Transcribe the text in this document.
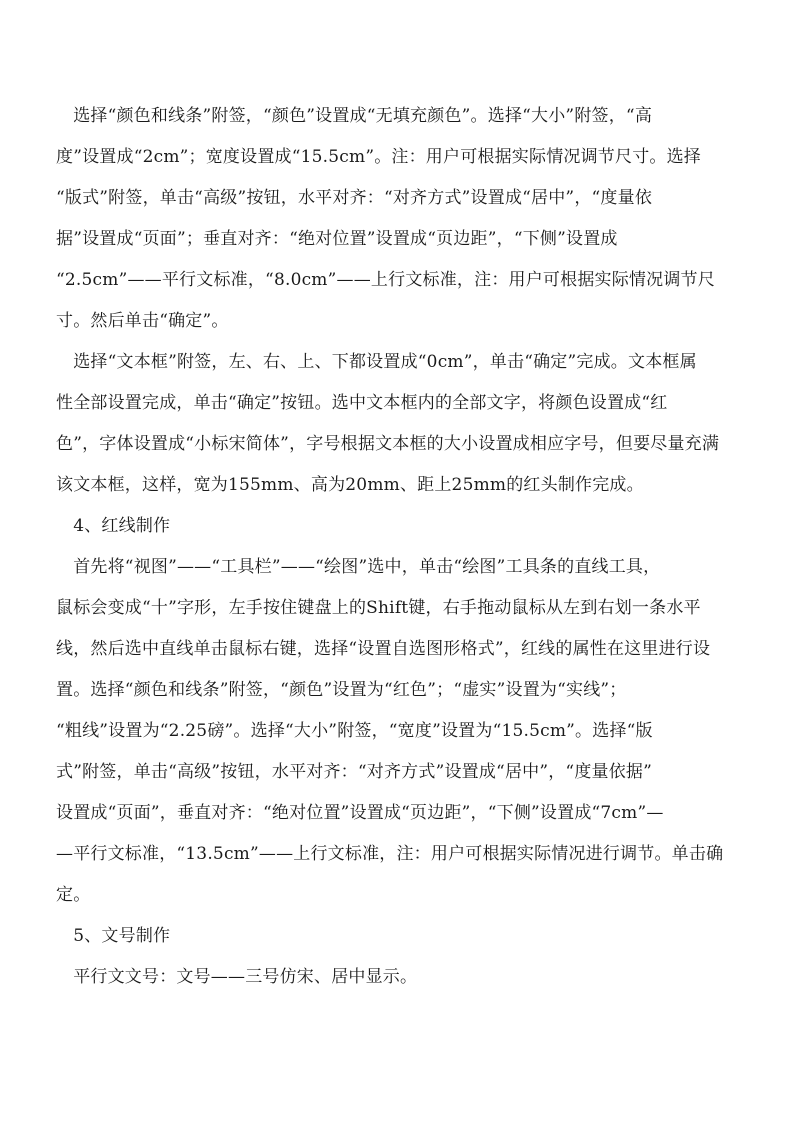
　选择“颜色和线条”附签，“颜色”设置成“无填充颜色”。选择“大小”附签，“高
度”设置成“2cm”；宽度设置成“15.5cm”。注：用户可根据实际情况调节尺寸。选择
“版式”附签，单击“高级”按钮，水平对齐：“对齐方式”设置成“居中”，“度量依
据”设置成“页面”；垂直对齐：“绝对位置”设置成“页边距”，“下侧”设置成
“2.5cm”——平行文标准，“8.0cm”——上行文标准，注：用户可根据实际情况调节尺
寸。然后单击“确定”。
　选择“文本框”附签，左、右、上、下都设置成“0cm”，单击“确定”完成。文本框属
性全部设置完成，单击“确定”按钮。选中文本框内的全部文字，将颜色设置成“红
色”，字体设置成“小标宋简体”，字号根据文本框的大小设置成相应字号，但要尽量充满
该文本框，这样，宽为155mm、高为20mm、距上25mm的红头制作完成。
　4、红线制作
　首先将“视图”——“工具栏”——“绘图”选中，单击“绘图”工具条的直线工具，
鼠标会变成“十”字形，左手按住键盘上的Shift键，右手拖动鼠标从左到右划一条水平
线，然后选中直线单击鼠标右键，选择“设置自选图形格式”，红线的属性在这里进行设
置。选择“颜色和线条”附签，“颜色”设置为“红色”；“虚实”设置为“实线”；
“粗线”设置为“2.25磅”。选择“大小”附签，“宽度”设置为“15.5cm”。选择“版
式”附签，单击“高级”按钮，水平对齐：“对齐方式”设置成“居中”，“度量依据”
设置成“页面”，垂直对齐：“绝对位置”设置成“页边距”，“下侧”设置成“7cm”—
—平行文标准，“13.5cm”——上行文标准，注：用户可根据实际情况进行调节。单击确
定。
　5、文号制作
　平行文文号：文号——三号仿宋、居中显示。
